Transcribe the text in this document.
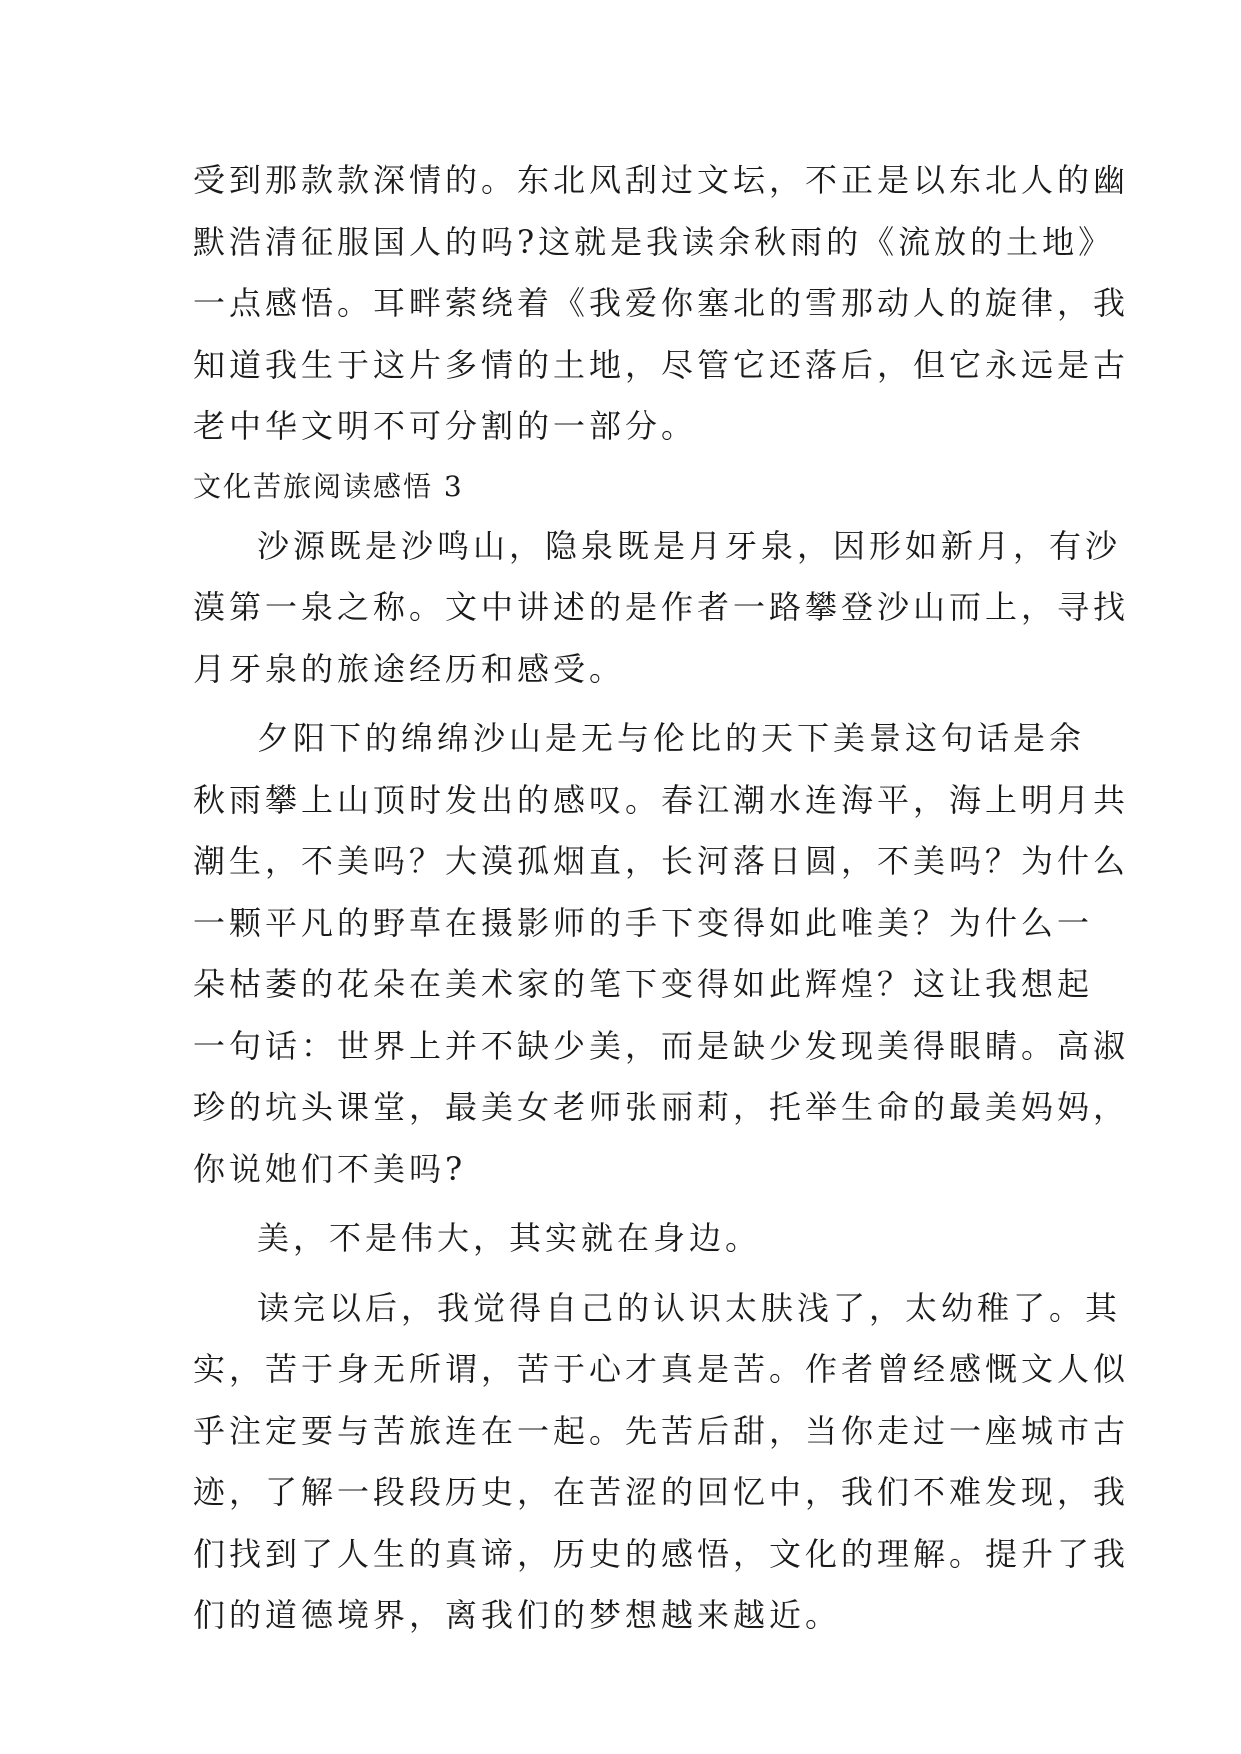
受到那款款深情的。东北风刮过文坛，不正是以东北人的幽
默浩清征服国人的吗?这就是我读余秋雨的《流放的土地》
一点感悟。耳畔萦绕着《我爱你塞北的雪那动人的旋律，我
知道我生于这片多情的土地，尽管它还落后，但它永远是古
老中华文明不可分割的一部分。
文化苦旅阅读感悟 3
沙源既是沙鸣山，隐泉既是月牙泉，因形如新月，有沙
漠第一泉之称。文中讲述的是作者一路攀登沙山而上，寻找
月牙泉的旅途经历和感受。
夕阳下的绵绵沙山是无与伦比的天下美景这句话是余
秋雨攀上山顶时发出的感叹。春江潮水连海平，海上明月共
潮生，不美吗？大漠孤烟直，长河落日圆，不美吗？为什么
一颗平凡的野草在摄影师的手下变得如此唯美？为什么一
朵枯萎的花朵在美术家的笔下变得如此辉煌？这让我想起
一句话：世界上并不缺少美，而是缺少发现美得眼睛。高淑
珍的坑头课堂，最美女老师张丽莉，托举生命的最美妈妈，
你说她们不美吗?
美，不是伟大，其实就在身边。
读完以后，我觉得自己的认识太肤浅了，太幼稚了。其
实，苦于身无所谓，苦于心才真是苦。作者曾经感慨文人似
乎注定要与苦旅连在一起。先苦后甜，当你走过一座城市古
迹，了解一段段历史，在苦涩的回忆中，我们不难发现，我
们找到了人生的真谛，历史的感悟，文化的理解。提升了我
们的道德境界，离我们的梦想越来越近。
